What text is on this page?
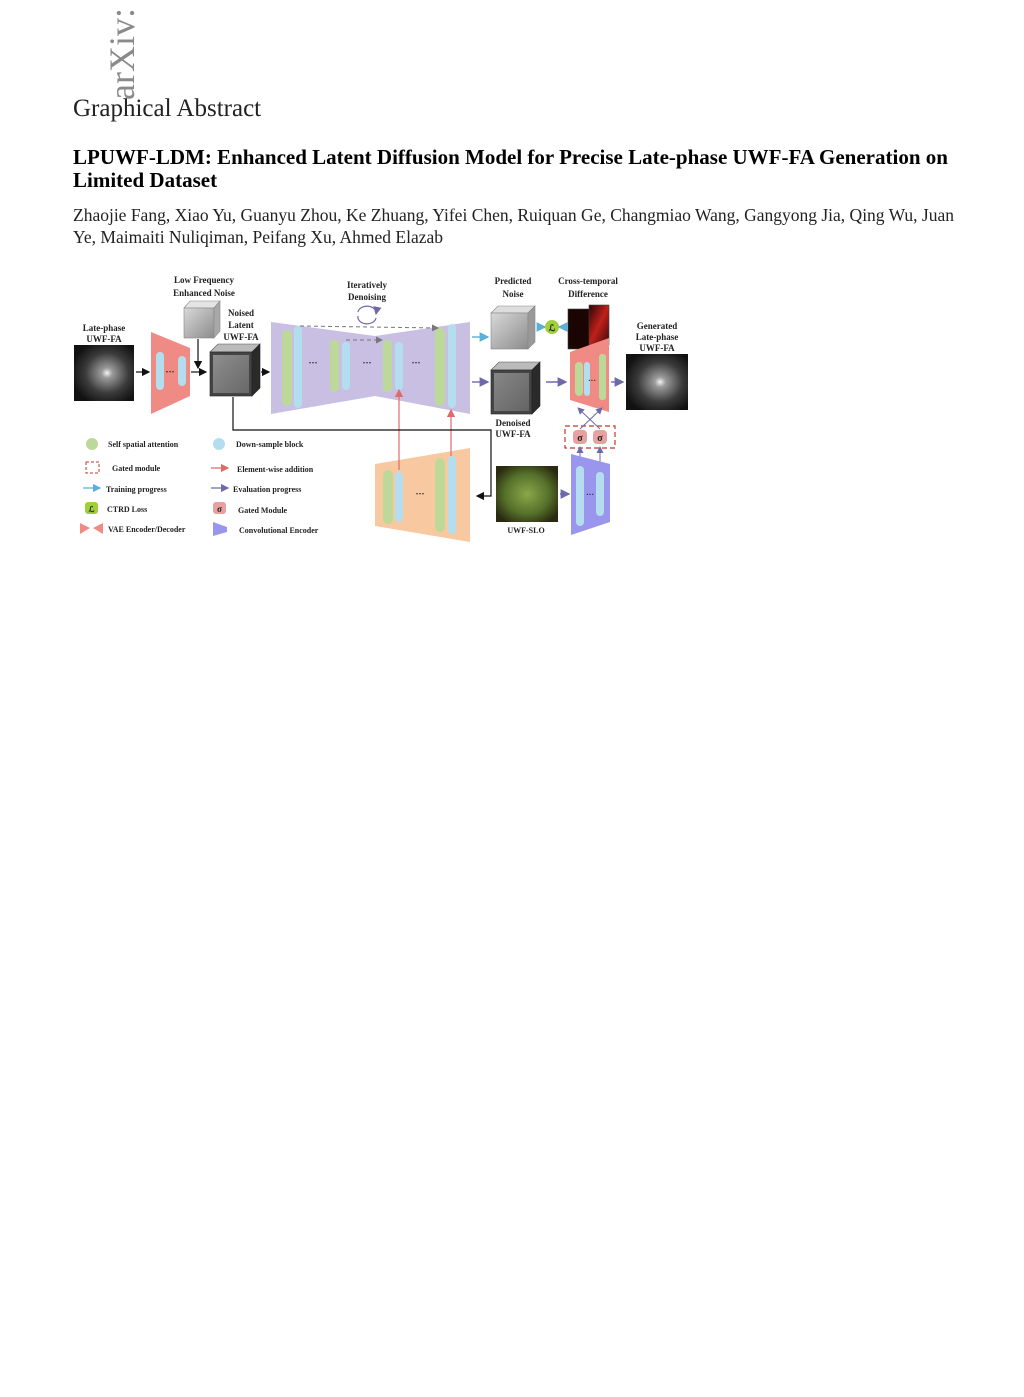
arXiv:
Graphical Abstract
LPUWF-LDM: Enhanced Latent Diffusion Model for Precise Late-phase UWF-FA Generation on Limited Dataset
Zhaojie Fang, Xiao Yu, Guanyu Zhou, Ke Zhuang, Yifei Chen, Ruiquan Ge, Changmiao Wang, Gangyong Jia, Qing Wu, Juan Ye, Maimaiti Nuliqiman, Peifang Xu, Ahmed Elazab
Low Frequency
Enhanced Noise
Iteratively
Denoising
Predicted
Noise
Cross-temporal
Difference
Noised
Latent
UWF-FA
Late-phase
UWF-FA
···
···	···	···
ℒ
Denoised
UWF-FA
···
Generated
Late-phase
UWF-FA
σ σ
···
UWF-SLO
···
Self spatial attention	Down-sample block
Gated module	Element-wise addition
Training progress	Evaluation progress
ℒ CTRD Loss	σ Gated Module
VAE Encoder/Decoder	Convolutional Encoder
